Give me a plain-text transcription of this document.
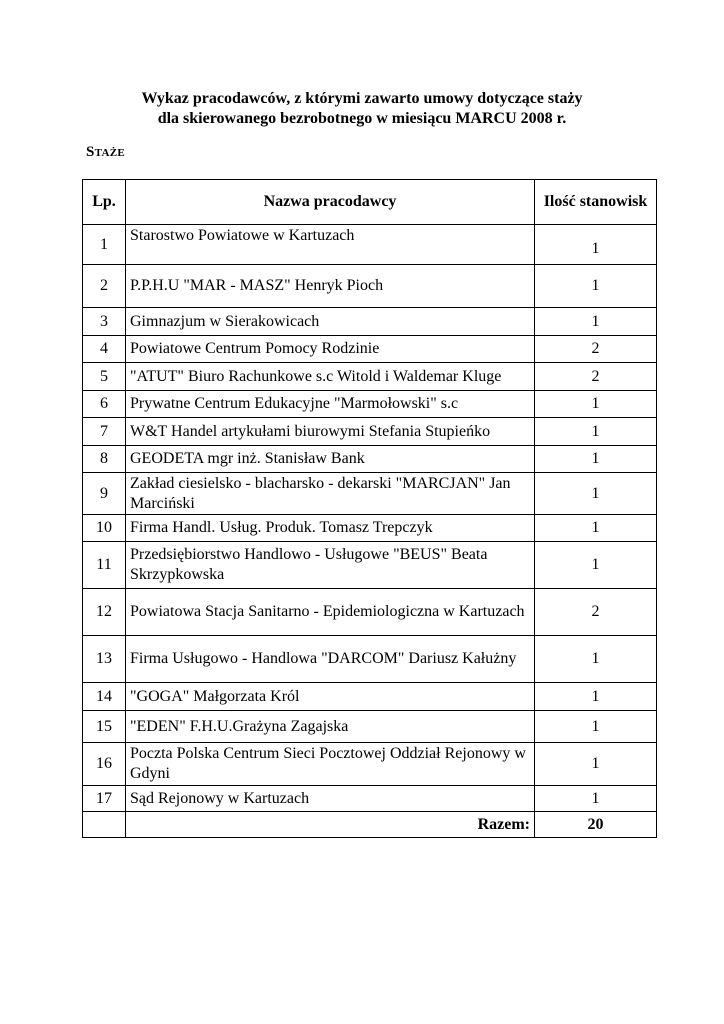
Wykaz pracodawców, z którymi zawarto umowy dotyczące staży
dla skierowanego bezrobotnego w miesiącu MARCU 2008 r.
Staże
Lp.	Nazwa pracodawcy	Ilość stanowisk
1	Starostwo Powiatowe w Kartuzach	1
2	P.P.H.U "MAR - MASZ" Henryk Pioch	1
3	Gimnazjum w Sierakowicach	1
4	Powiatowe Centrum Pomocy Rodzinie	2
5	"ATUT" Biuro Rachunkowe s.c Witold i Waldemar Kluge	2
6	Prywatne Centrum Edukacyjne "Marmołowski" s.c	1
7	W&T Handel artykułami biurowymi Stefania Stupieńko	1
8	GEODETA mgr inż. Stanisław Bank	1
9	Zakład ciesielsko - blacharsko - dekarski "MARCJAN" Jan Marciński	1
10	Firma Handl. Usług. Produk. Tomasz Trepczyk	1
11	Przedsiębiorstwo Handlowo - Usługowe "BEUS" Beata Skrzypkowska	1
12	Powiatowa Stacja Sanitarno - Epidemiologiczna w Kartuzach	2
13	Firma Usługowo - Handlowa "DARCOM" Dariusz Kałużny	1
14	"GOGA" Małgorzata Król	1
15	"EDEN" F.H.U.Grażyna Zagajska	1
16	Poczta Polska Centrum Sieci Pocztowej Oddział Rejonowy w Gdyni	1
17	Sąd Rejonowy w Kartuzach	1
	Razem:	20
